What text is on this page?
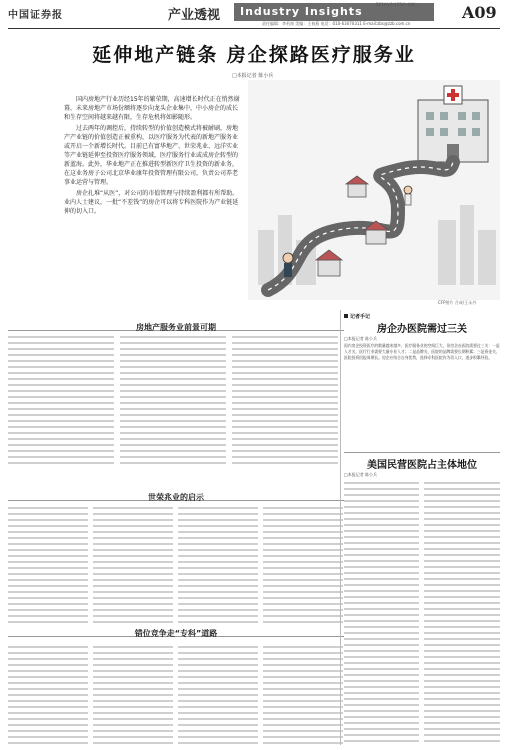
中国证券报	产业透视	Industry Insights
2014年9月23日 星期二
责任编辑：李若南 美编：王春燕 电话：010-63070311 E-mail:zbs@zzb.com.cn
A09
延伸地产链条 房企探路医疗服务业
□本报记者 陈小兵

国内房地产行业历经15年的繁荣期，高速增长时代正在悄然谢幕，未来房地产市场份额将逐步向龙头企业集中，中小房企的成长和生存空间将越来越有限，生存危机将如影随形。

过去两年的调控后，持续转型的价值创造模式将被耐刷，房地产产业链的价值创造正被重构，以医疗服务为代表的新地产服务业或开启一个新增长时代。目前已有富华地产、世荣兆业、远洋实业等产业链延伸至投资医疗服务领域，医疗服务行业或成房企转型的新蓝海。此外，华业地产正在推进转型新医疗卫生投资的新业务，在这业务房子公司北京华业康年投资管理有限公司，负责公司养老事业运营与管理。

房企扎堆“从医”，对公司的市值管理与持续盈利都有所帮助。业内人士建议，一批“不差钱”的房企可以将专科医院作为产业链延伸的切入口。

CFP图片 合成/王永丹
房地产服务业前景可期
世荣兆业的启示
错位竞争走“专科”道路
记者手记
房企办医院需过三关
□本报记者 陈小兵
国内房企投资医疗的数量越来越多，医疗服务业的空间巨大，但房企办医院需要过三关：一是人才关，医疗行业需要大量专业人才；二是品牌关，医院的品牌需要长期积累；三是资金关，医院投资回报周期长。房企应结合自身优势，选择专科医院作为切入口，逐步积累经验。
美国民营医院占主体地位
□本报记者 陈小兵
